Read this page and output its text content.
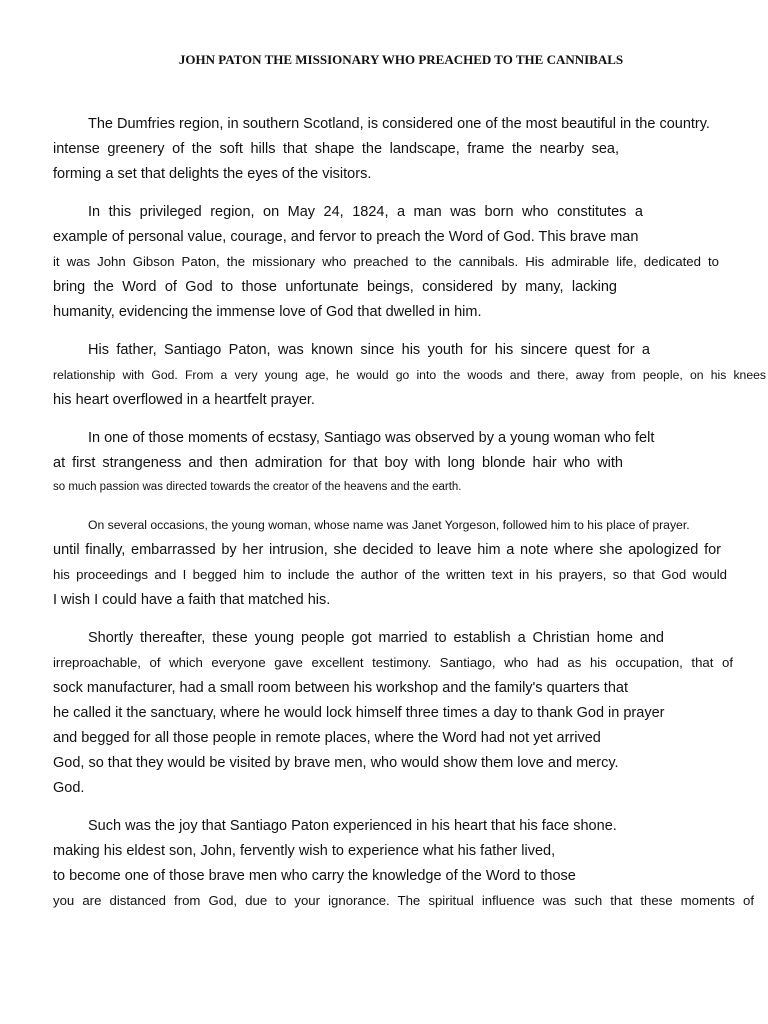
JOHN PATON THE MISSIONARY WHO PREACHED TO THE CANNIBALS
The Dumfries region, in southern Scotland, is considered one of the most beautiful in the country.
intense greenery of the soft hills that shape the landscape, frame the nearby sea,
forming a set that delights the eyes of the visitors.
In this privileged region, on May 24, 1824, a man was born who constitutes a
example of personal value, courage, and fervor to preach the Word of God. This brave man
it was John Gibson Paton, the missionary who preached to the cannibals. His admirable life, dedicated to
bring the Word of God to those unfortunate beings, considered by many, lacking
humanity, evidencing the immense love of God that dwelled in him.
His father, Santiago Paton, was known since his youth for his sincere quest for a
relationship with God. From a very young age, he would go into the woods and there, away from people, on his knees
his heart overflowed in a heartfelt prayer.
In one of those moments of ecstasy, Santiago was observed by a young woman who felt
at first strangeness and then admiration for that boy with long blonde hair who with
so much passion was directed towards the creator of the heavens and the earth.
On several occasions, the young woman, whose name was Janet Yorgeson, followed him to his place of prayer.
until finally, embarrassed by her intrusion, she decided to leave him a note where she apologized for
his proceedings and I begged him to include the author of the written text in his prayers, so that God would
I wish I could have a faith that matched his.
Shortly thereafter, these young people got married to establish a Christian home and
irreproachable, of which everyone gave excellent testimony. Santiago, who had as his occupation, that of
sock manufacturer, had a small room between his workshop and the family's quarters that
he called it the sanctuary, where he would lock himself three times a day to thank God in prayer
and begged for all those people in remote places, where the Word had not yet arrived
God, so that they would be visited by brave men, who would show them love and mercy.
God.
Such was the joy that Santiago Paton experienced in his heart that his face shone.
making his eldest son, John, fervently wish to experience what his father lived,
to become one of those brave men who carry the knowledge of the Word to those
you are distanced from God, due to your ignorance. The spiritual influence was such that these moments of
